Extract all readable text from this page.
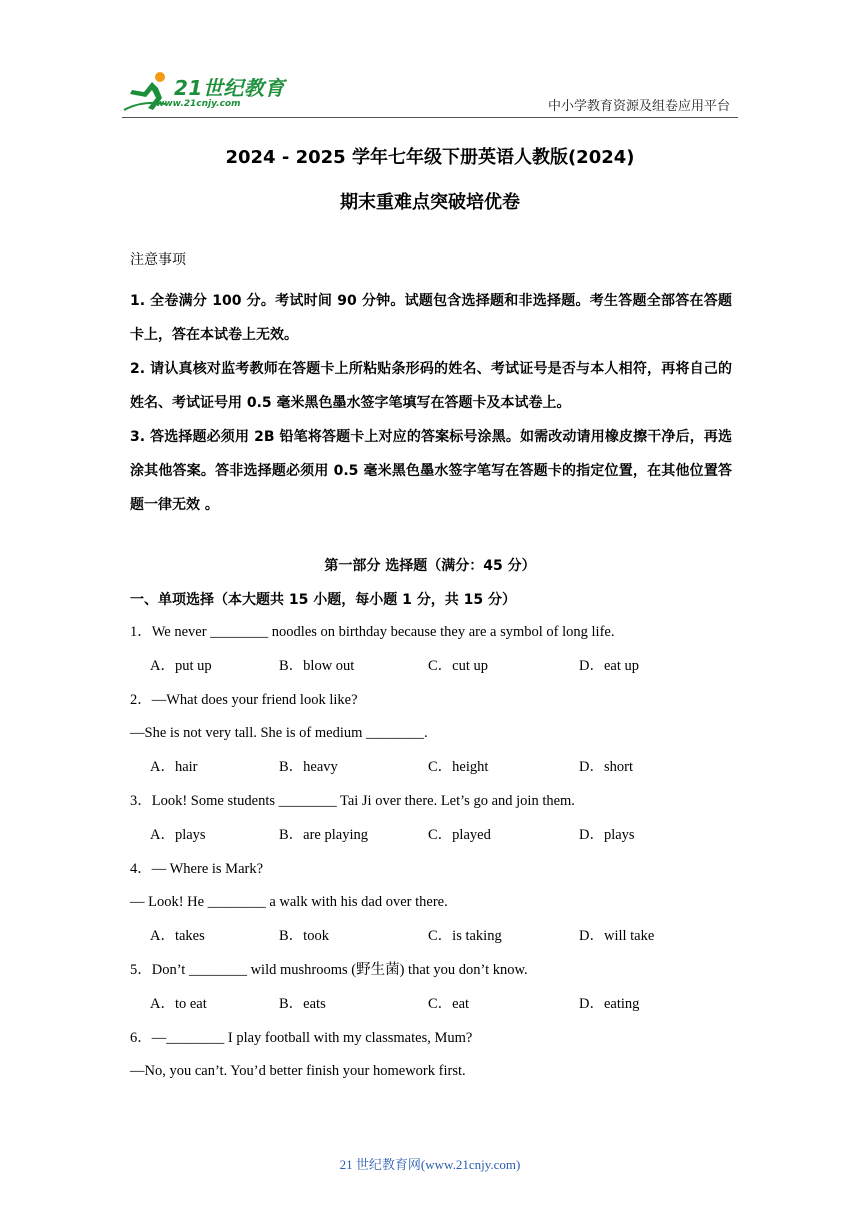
21世纪教育
www.21cnjy.com	中小学教育资源及组卷应用平台
2024 - 2025 学年七年级下册英语人教版(2024)
期末重难点突破培优卷
注意事项
1. 全卷满分 100 分。考试时间 90 分钟。试题包含选择题和非选择题。考生答题全部答在答题卡上，答在本试卷上无效。
2. 请认真核对监考教师在答题卡上所粘贴条形码的姓名、考试证号是否与本人相符，再将自己的姓名、考试证号用 0.5 毫米黑色墨水签字笔填写在答题卡及本试卷上。
3. 答选择题必须用 2B 铅笔将答题卡上对应的答案标号涂黑。如需改动请用橡皮擦干净后，再选涂其他答案。答非选择题必须用 0.5 毫米黑色墨水签字笔写在答题卡的指定位置，在其他位置答题一律无效 。
第一部分 选择题（满分：45 分）
一、单项选择（本大题共 15 小题，每小题 1 分，共 15 分）
1．We never ________ noodles on birthday because they are a symbol of long life.
A．put up	B．blow out	C．cut up	D．eat up
2．—What does your friend look like?
—She is not very tall. She is of medium ________.
A．hair	B．heavy	C．height	D．short
3．Look! Some students ________ Tai Ji over there. Let’s go and join them.
A．plays	B．are playing	C．played	D．plays
4．— Where is Mark?
— Look! He ________ a walk with his dad over there.
A．takes	B．took	C．is taking	D．will take
5．Don’t ________ wild mushrooms (野生菌) that you don’t know.
A．to eat	B．eats	C．eat	D．eating
6．—________ I play football with my classmates, Mum?
—No, you can’t. You’d better finish your homework first.
21 世纪教育网(www.21cnjy.com)
